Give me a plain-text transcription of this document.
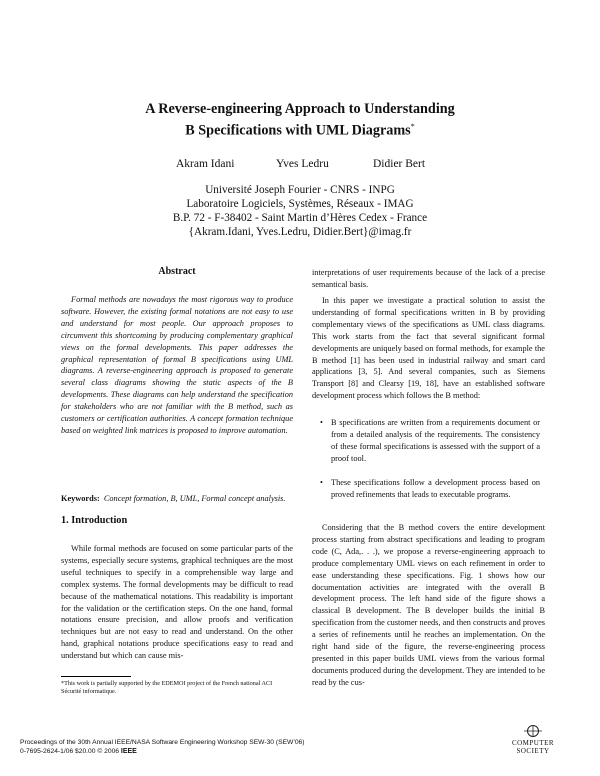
A Reverse-engineering Approach to Understanding
B Specifications with UML Diagrams*
Akram Idani	Yves Ledru	Didier Bert
Université Joseph Fourier - CNRS - INPG
Laboratoire Logiciels, Systèmes, Réseaux - IMAG
B.P. 72 - F-38402 - Saint Martin d’Hères Cedex - France
{Akram.Idani, Yves.Ledru, Didier.Bert}@imag.fr
Abstract
Formal methods are nowadays the most rigorous way to produce software. However, the existing formal notations are not easy to use and understand for most people. Our approach proposes to circumvent this shortcoming by producing complementary graphical views on the formal developments. This paper addresses the graphical representation of formal B specifications using UML diagrams. A reverse-engineering approach is proposed to generate several class diagrams showing the static aspects of the B developments. These diagrams can help understand the specification for stakeholders who are not familiar with the B method, such as customers or certification authorities. A concept formation technique based on weighted link matrices is proposed to improve automation.
Keywords: Concept formation, B, UML, Formal concept analysis.
1. Introduction
While formal methods are focused on some particular parts of the systems, especially secure systems, graphical techniques are the most useful techniques to specify in a comprehensible way large and complex systems. The formal developments may be difficult to read because of the mathematical notations. This readability is important for the validation or the certification steps. On the one hand, formal notations ensure precision, and allow proofs and verification techniques but are not easy to read and understand. On the other hand, graphical notations produce specifications easy to read and understand but which can cause mis-
*This work is partially supported by the EDEMOI project of the French national ACI Sécurité informatique.
interpretations of user requirements because of the lack of a precise semantical basis.
In this paper we investigate a practical solution to assist the understanding of formal specifications written in B by providing complementary views of the specifications as UML class diagrams. This work starts from the fact that several significant formal developments are uniquely based on formal methods, for example the B method [1] has been used in industrial railway and smart card applications [3, 5]. And several companies, such as Siemens Transport [8] and Clearsy [19, 18], have an established software development process which follows the B method:
• B specifications are written from a requirements document or from a detailed analysis of the requirements. The consistency of these formal specifications is assessed with the support of a proof tool.
• These specifications follow a development process based on proved refinements that leads to executable programs.
Considering that the B method covers the entire development process starting from abstract specifications and leading to program code (C, Ada,. . .), we propose a reverse-engineering approach to produce complementary UML views on each refinement in order to ease understanding these specifications. Fig. 1 shows how our documentation activities are integrated with the overall B development process. The left hand side of the figure shows a classical B development. The B developer builds the initial B specification from the customer needs, and then constructs and proves a series of refinements until he reaches an implementation. On the right hand side of the figure, the reverse-engineering process presented in this paper builds UML views from the various formal documents produced during the development. They are intended to be read by the cus-
Proceedings of the 30th Annual IEEE/NASA Software Engineering Workshop SEW-30 (SEW’06)
0-7695-2624-1/06 $20.00 © 2006 IEEE
COMPUTER
SOCIETY
